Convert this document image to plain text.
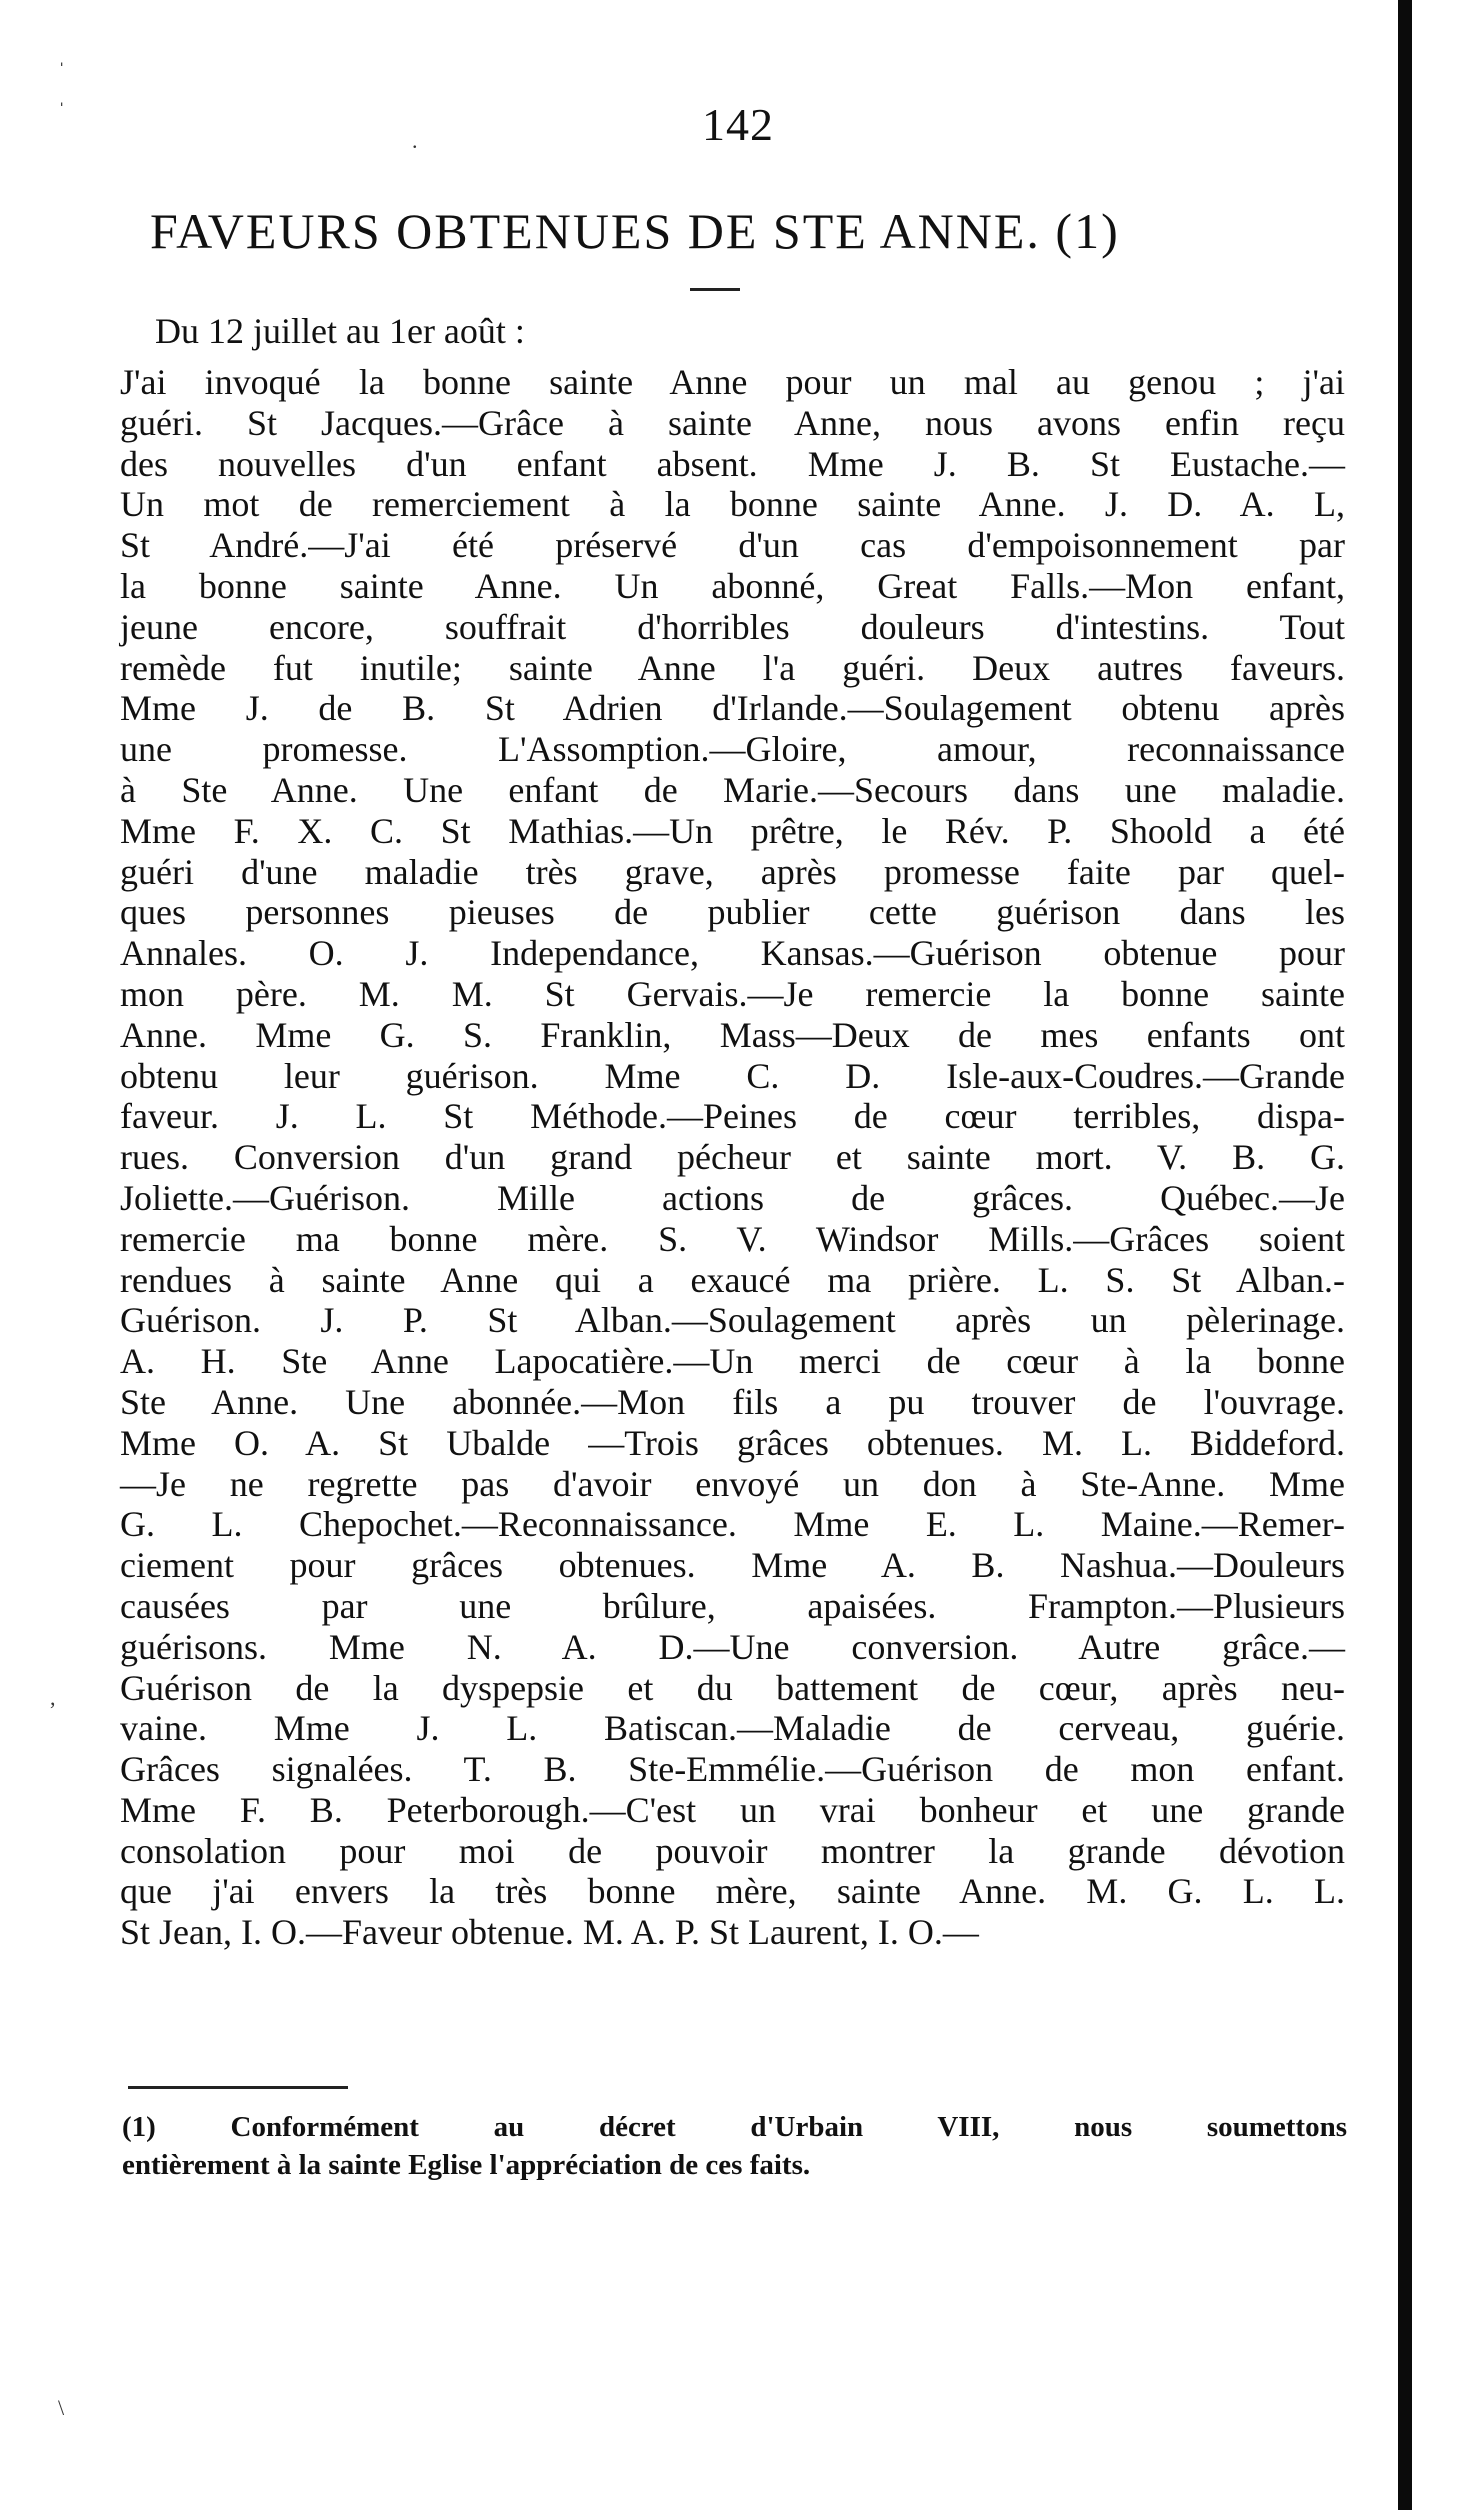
ˈ
ˈ
.
,
\
142
FAVEURS OBTENUES DE STE ANNE. (1)
Du 12 juillet au 1er août :
J'ai invoqué la bonne sainte Anne pour un mal au genou ; j'ai
guéri. St Jacques.—Grâce à sainte Anne, nous avons enfin reçu
des nouvelles d'un enfant absent. Mme J. B. St Eustache.—
Un mot de remerciement à la bonne sainte Anne. J. D. A. L,
St André.—J'ai été préservé d'un cas d'empoisonnement par
la bonne sainte Anne. Un abonné, Great Falls.—Mon enfant,
jeune encore, souffrait d'horribles douleurs d'intestins. Tout
remède fut inutile; sainte Anne l'a guéri. Deux autres faveurs.
Mme J. de B. St Adrien d'Irlande.—Soulagement obtenu après
une promesse. L'Assomption.—Gloire, amour, reconnaissance
à Ste Anne. Une enfant de Marie.—Secours dans une maladie.
Mme F. X. C. St Mathias.—Un prêtre, le Rév. P. Shoold a été
guéri d'une maladie très grave, après promesse faite par quel-
ques personnes pieuses de publier cette guérison dans les
Annales. O. J. Independance, Kansas.—Guérison obtenue pour
mon père. M. M. St Gervais.—Je remercie la bonne sainte
Anne. Mme G. S. Franklin, Mass—Deux de mes enfants ont
obtenu leur guérison. Mme C. D. Isle-aux-Coudres.—Grande
faveur. J. L. St Méthode.—Peines de cœur terribles, dispa-
rues. Conversion d'un grand pécheur et sainte mort. V. B. G.
Joliette.—Guérison. Mille actions de grâces. Québec.—Je
remercie ma bonne mère. S. V. Windsor Mills.—Grâces soient
rendues à sainte Anne qui a exaucé ma prière. L. S. St Alban.-
Guérison. J. P. St Alban.—Soulagement après un pèlerinage.
A. H. Ste Anne Lapocatière.—Un merci de cœur à la bonne
Ste Anne. Une abonnée.—Mon fils a pu trouver de l'ouvrage.
Mme O. A. St Ubalde —Trois grâces obtenues. M. L. Biddeford.
—Je ne regrette pas d'avoir envoyé un don à Ste-Anne. Mme
G. L. Chepochet.—Reconnaissance. Mme E. L. Maine.—Remer-
ciement pour grâces obtenues. Mme A. B. Nashua.—Douleurs
causées par une brûlure, apaisées. Frampton.—Plusieurs
guérisons. Mme N. A. D.—Une conversion. Autre grâce.—
Guérison de la dyspepsie et du battement de cœur, après neu-
vaine. Mme J. L. Batiscan.—Maladie de cerveau, guérie.
Grâces signalées. T. B. Ste-Emmélie.—Guérison de mon enfant.
Mme F. B. Peterborough.—C'est un vrai bonheur et une grande
consolation pour moi de pouvoir montrer la grande dévotion
que j'ai envers la très bonne mère, sainte Anne. M. G. L. L.
St Jean, I. O.—Faveur obtenue. M. A. P. St Laurent, I. O.—
(1) Conformément au décret d'Urbain VIII, nous soumettons
entièrement à la sainte Eglise l'appréciation de ces faits.
